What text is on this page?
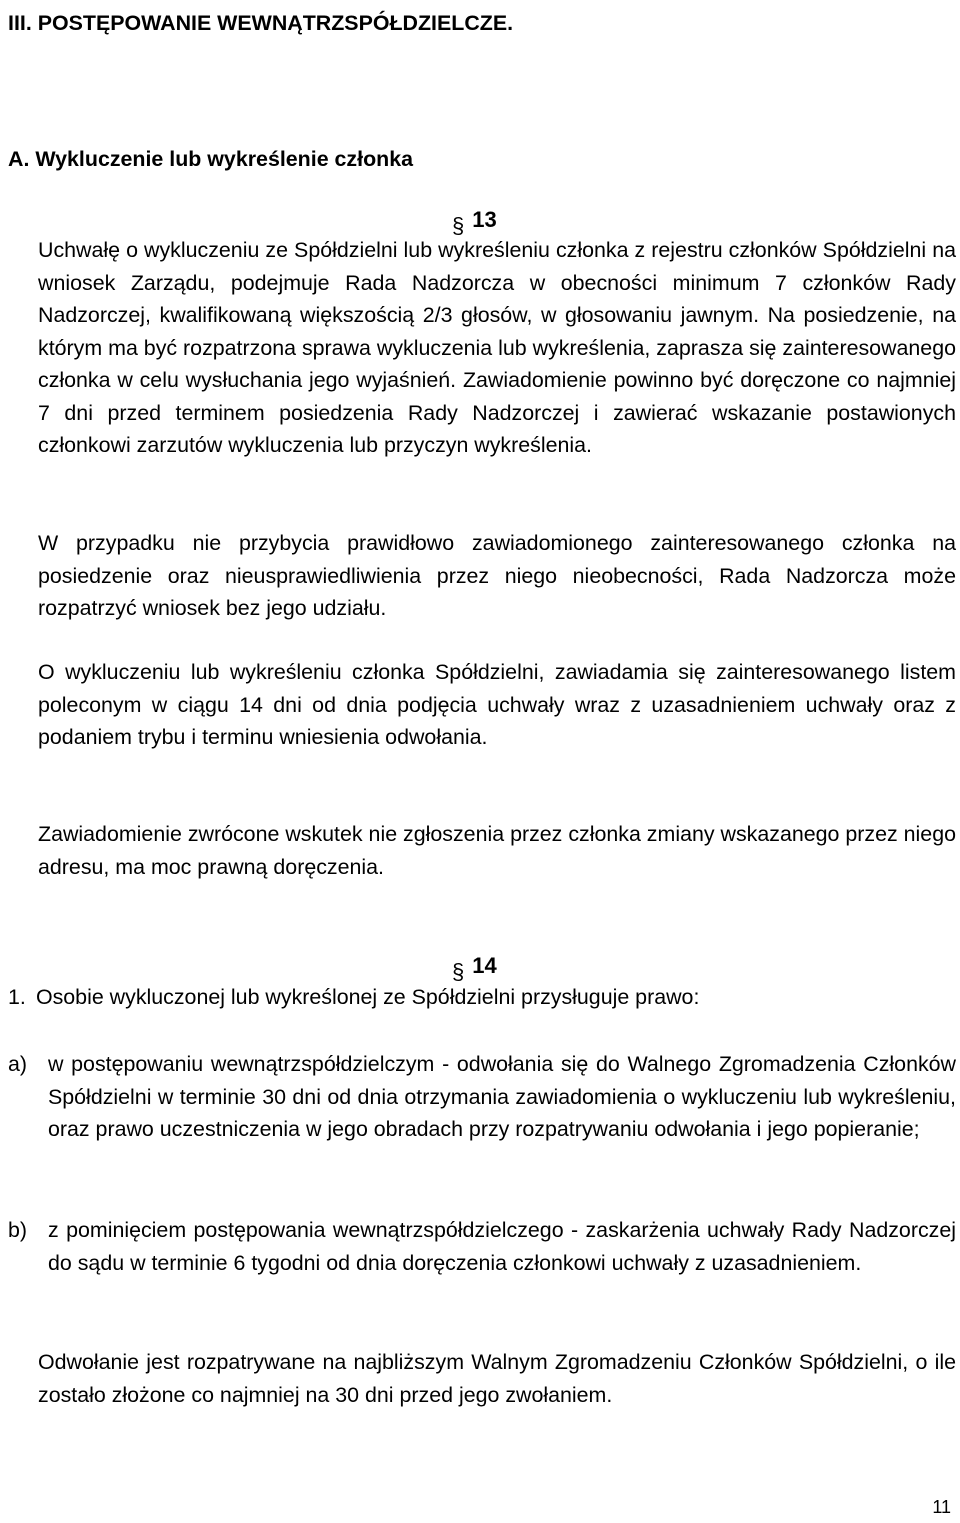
III. POSTĘPOWANIE WEWNĄTRZSPÓŁDZIELCZE.
A. Wykluczenie lub wykreślenie członka
§ 13
Uchwałę o wykluczeniu ze Spółdzielni lub wykreśleniu członka z rejestru członków Spółdzielni na wniosek Zarządu, podejmuje Rada Nadzorcza w obecności minimum 7 członków Rady Nadzorczej, kwalifikowaną większością 2/3 głosów, w głosowaniu jawnym. Na posiedzenie, na którym ma być rozpatrzona sprawa wykluczenia lub wykreślenia, zaprasza się zainteresowanego członka w celu wysłuchania jego wyjaśnień. Zawiadomienie powinno być doręczone co najmniej 7 dni przed terminem posiedzenia Rady Nadzorczej i zawierać wskazanie postawionych członkowi zarzutów wykluczenia lub przyczyn wykreślenia.
W przypadku nie przybycia prawidłowo zawiadomionego zainteresowanego członka na posiedzenie oraz nieusprawiedliwienia przez niego nieobecności, Rada Nadzorcza może rozpatrzyć wniosek bez jego udziału.
O wykluczeniu lub wykreśleniu członka Spółdzielni, zawiadamia się zainteresowanego listem poleconym w ciągu 14 dni od dnia podjęcia uchwały wraz z uzasadnieniem uchwały oraz z podaniem trybu i terminu wniesienia odwołania.
Zawiadomienie zwrócone wskutek nie zgłoszenia przez członka zmiany wskazanego przez niego adresu, ma moc prawną doręczenia.
§ 14
1. Osobie wykluczonej lub wykreślonej ze Spółdzielni przysługuje prawo:
a) w postępowaniu wewnątrzspółdzielczym - odwołania się do Walnego Zgromadzenia Członków Spółdzielni w terminie 30 dni od dnia otrzymania zawiadomienia o wykluczeniu lub wykreśleniu, oraz prawo uczestniczenia w jego obradach przy rozpatrywaniu odwołania i jego popieranie;
b) z pominięciem postępowania wewnątrzspółdzielczego - zaskarżenia uchwały Rady Nadzorczej do sądu w terminie 6 tygodni od dnia doręczenia członkowi uchwały z uzasadnieniem.
Odwołanie jest rozpatrywane na najbliższym Walnym Zgromadzeniu Członków Spółdzielni, o ile zostało złożone co najmniej na 30 dni przed jego zwołaniem.
11
